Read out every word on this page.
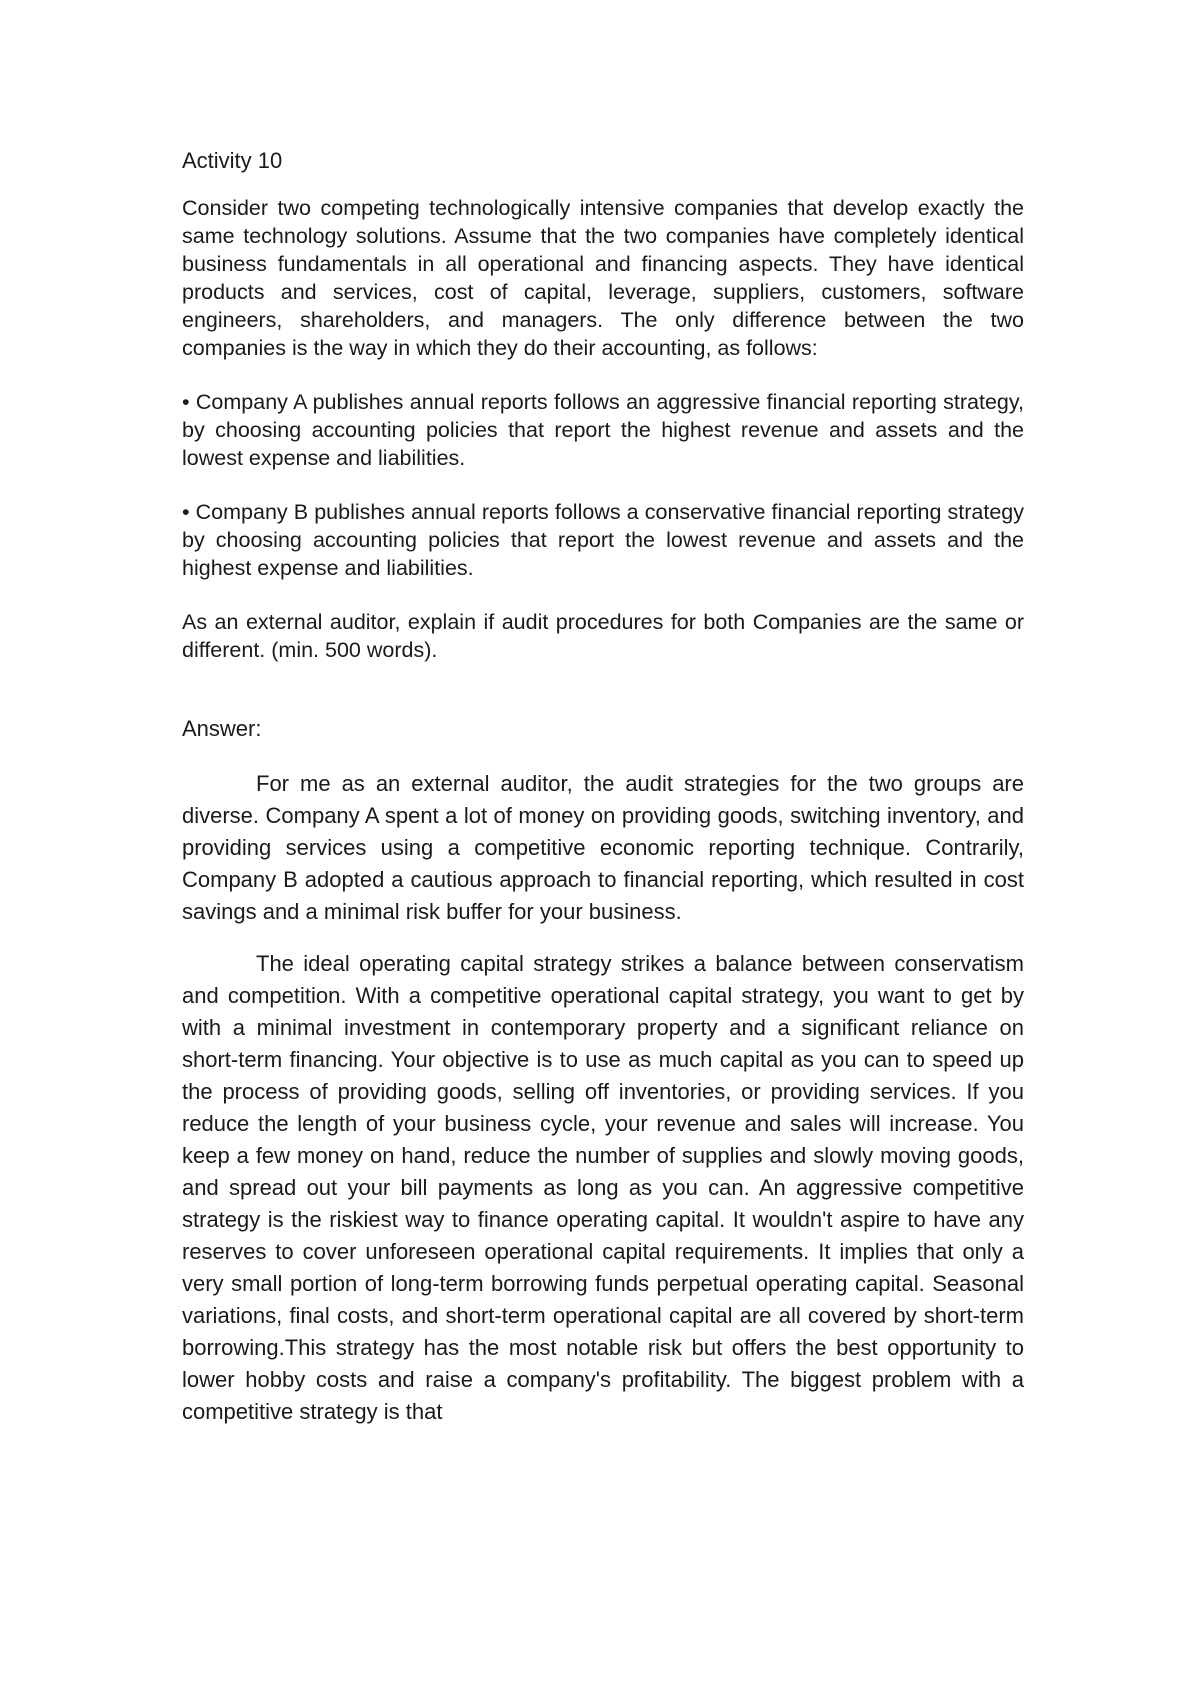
Activity 10
Consider two competing technologically intensive companies that develop exactly the same technology solutions. Assume that the two companies have completely identical business fundamentals in all operational and financing aspects. They have identical products and services, cost of capital, leverage, suppliers, customers, software engineers, shareholders, and managers. The only difference between the two companies is the way in which they do their accounting, as follows:
• Company A publishes annual reports follows an aggressive financial reporting strategy, by choosing accounting policies that report the highest revenue and assets and the lowest expense and liabilities.
• Company B publishes annual reports follows a conservative financial reporting strategy by choosing accounting policies that report the lowest revenue and assets and the highest expense and liabilities.
As an external auditor, explain if audit procedures for both Companies are the same or different. (min. 500 words).
Answer:
For me as an external auditor, the audit strategies for the two groups are diverse. Company A spent a lot of money on providing goods, switching inventory, and providing services using a competitive economic reporting technique. Contrarily, Company B adopted a cautious approach to financial reporting, which resulted in cost savings and a minimal risk buffer for your business.
The ideal operating capital strategy strikes a balance between conservatism and competition. With a competitive operational capital strategy, you want to get by with a minimal investment in contemporary property and a significant reliance on short-term financing. Your objective is to use as much capital as you can to speed up the process of providing goods, selling off inventories, or providing services. If you reduce the length of your business cycle, your revenue and sales will increase. You keep a few money on hand, reduce the number of supplies and slowly moving goods, and spread out your bill payments as long as you can. An aggressive competitive strategy is the riskiest way to finance operating capital. It wouldn't aspire to have any reserves to cover unforeseen operational capital requirements. It implies that only a very small portion of long-term borrowing funds perpetual operating capital. Seasonal variations, final costs, and short-term operational capital are all covered by short-term borrowing.This strategy has the most notable risk but offers the best opportunity to lower hobby costs and raise a company's profitability. The biggest problem with a competitive strategy is that
